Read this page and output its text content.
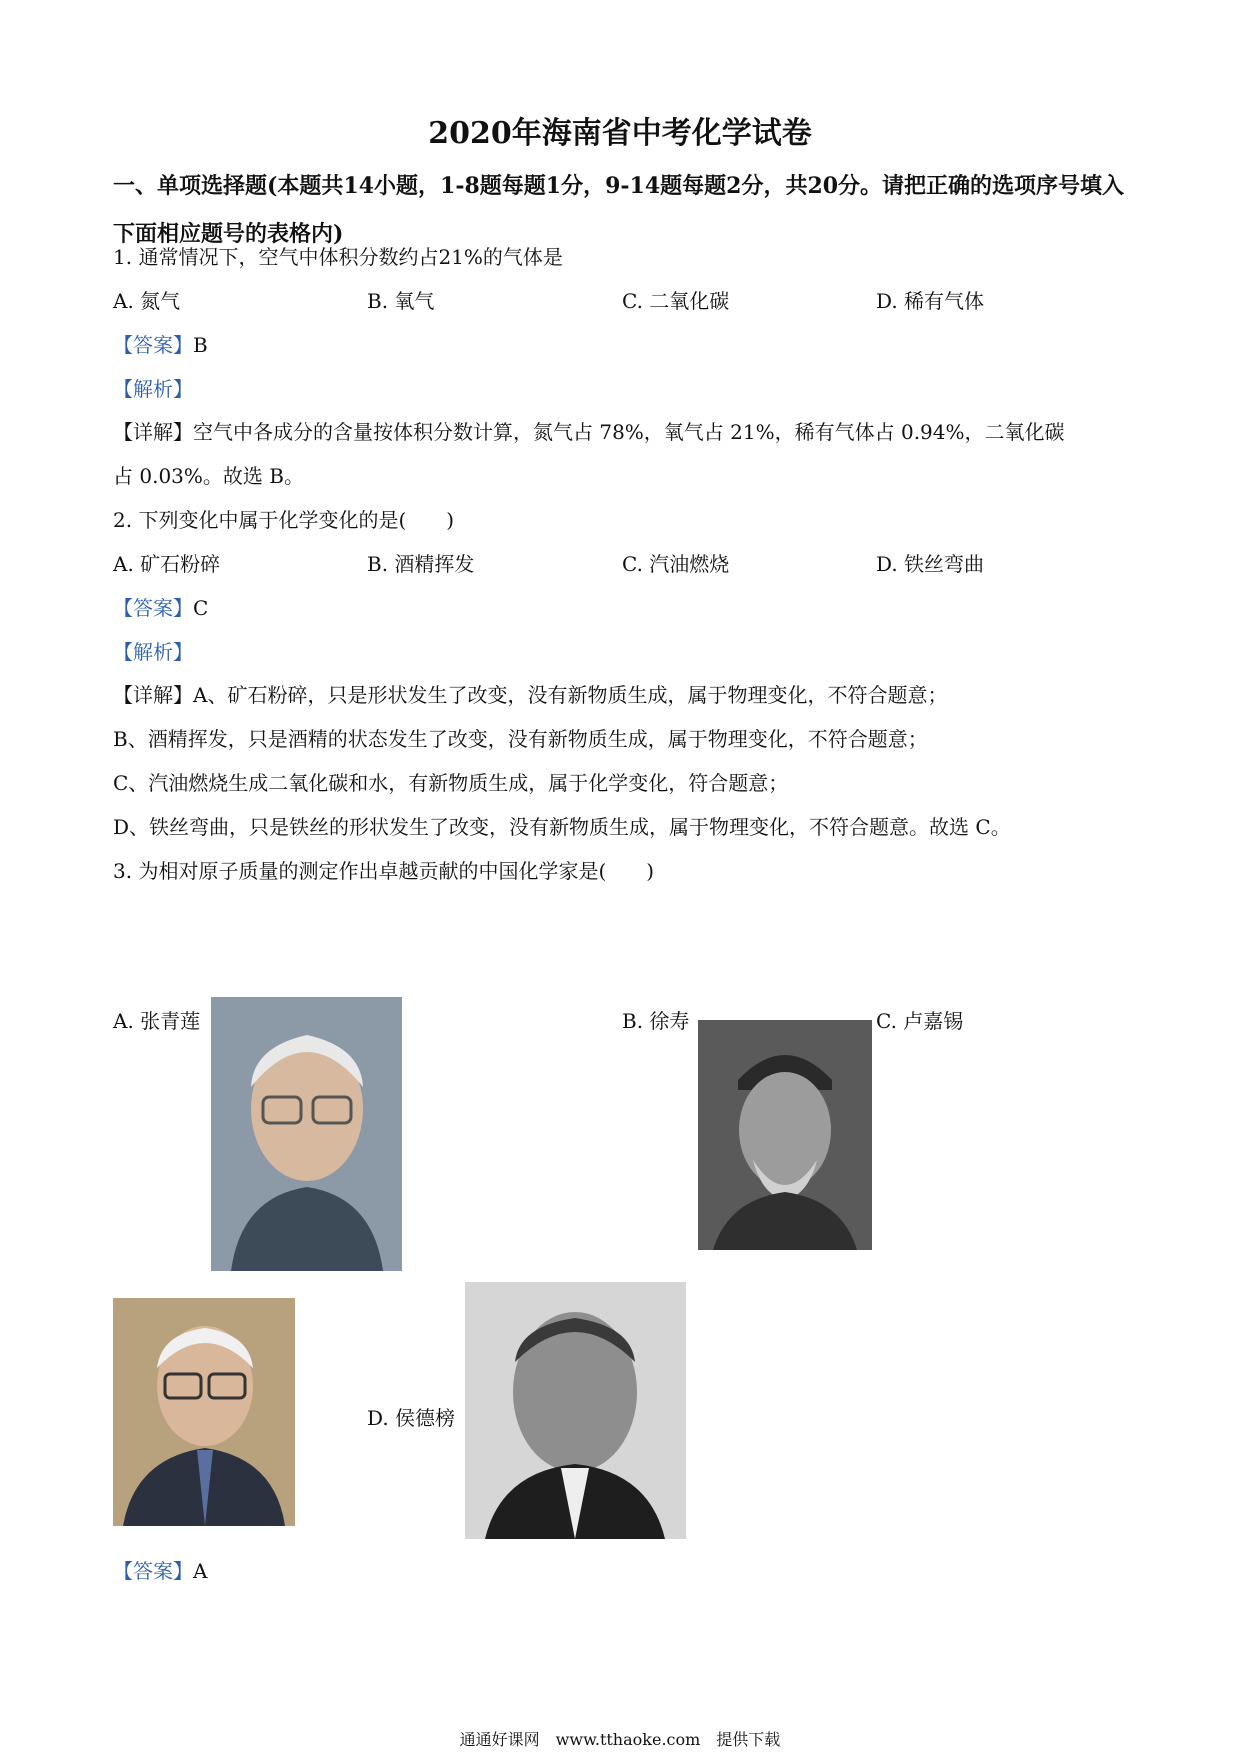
2020年海南省中考化学试卷
一、单项选择题(本题共14小题，1-8题每题1分，9-14题每题2分，共20分。请把正确的选项序号填入下面相应题号的表格内)
1. 通常情况下，空气中体积分数约占21%的气体是
A. 氮气	B. 氧气	C. 二氧化碳	D. 稀有气体
【答案】B
【解析】
【详解】空气中各成分的含量按体积分数计算，氮气占 78%，氧气占 21%，稀有气体占 0.94%，二氧化碳
占 0.03%。故选 B。
2. 下列变化中属于化学变化的是(　　)
A. 矿石粉碎	B. 酒精挥发	C. 汽油燃烧	D. 铁丝弯曲
【答案】C
【解析】
【详解】A、矿石粉碎，只是形状发生了改变，没有新物质生成，属于物理变化，不符合题意；
B、酒精挥发，只是酒精的状态发生了改变，没有新物质生成，属于物理变化，不符合题意；
C、汽油燃烧生成二氧化碳和水，有新物质生成，属于化学变化，符合题意；
D、铁丝弯曲，只是铁丝的形状发生了改变，没有新物质生成，属于物理变化，不符合题意。故选 C。
3. 为相对原子质量的测定作出卓越贡献的中国化学家是(　　)
A. 张青莲	B. 徐寿	C. 卢嘉锡
D. 侯德榜
【答案】A
通通好课网　www.tthaoke.com　提供下载
